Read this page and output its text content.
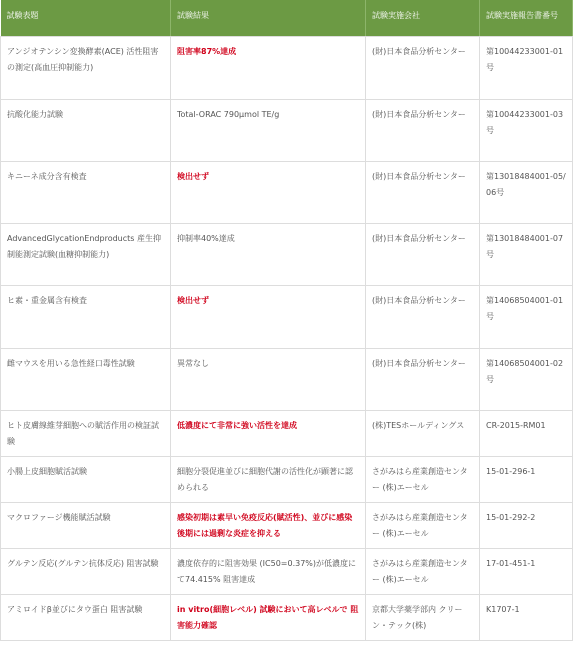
試験表題	試験結果	試験実施会社	試験実施報告書番号
アンジオテンシン変換酵素(ACE) 活性阻害の測定(高血圧抑制能力)	阻害率87%達成	(財)日本食品分析センター	第10044233001-01号
抗酸化能力試験	Total-ORAC 790μmol TE/g	(財)日本食品分析センター	第10044233001-03号
キニーネ成分含有検査	検出せず	(財)日本食品分析センター	第13018484001-05/06号
AdvancedGlycationEndproducts 産生抑制能測定試験(血糖抑制能力)	抑制率40%達成	(財)日本食品分析センター	第13018484001-07号
ヒ素・重金属含有検査	検出せず	(財)日本食品分析センター	第14068504001-01号
雌マウスを用いる急性経口毒性試験	異常なし	(財)日本食品分析センター	第14068504001-02号
ヒト皮膚線維芽細胞への賦活作用の検証試験	低濃度にて非常に強い活性を達成	(株)TESホールディングス	CR-2015-RM01
小腸上皮細胞賦活試験	細胞分裂促進並びに細胞代謝の活性化が顕著に認められる	さがみはら産業創造センター (株)エーセル	15-01-296-1
マクロファージ機能賦活試験	感染初期は素早い免疫反応(賦活性)、並びに感染後期には過剰な炎症を抑える	さがみはら産業創造センター (株)エーセル	15-01-292-2
グルテン反応(グルテン抗体反応) 阻害試験	濃度依存的に阻害効果 (IC50=0.37%)が低濃度にて74.415% 阻害達成	さがみはら産業創造センター (株)エーセル	17-01-451-1
アミロイドβ並びにタウ蛋白 阻害試験	in vitro(細胞レベル) 試験において高レベルで 阻害能力確認	京都大学薬学部内 クリーン・テック(株)	K1707-1
